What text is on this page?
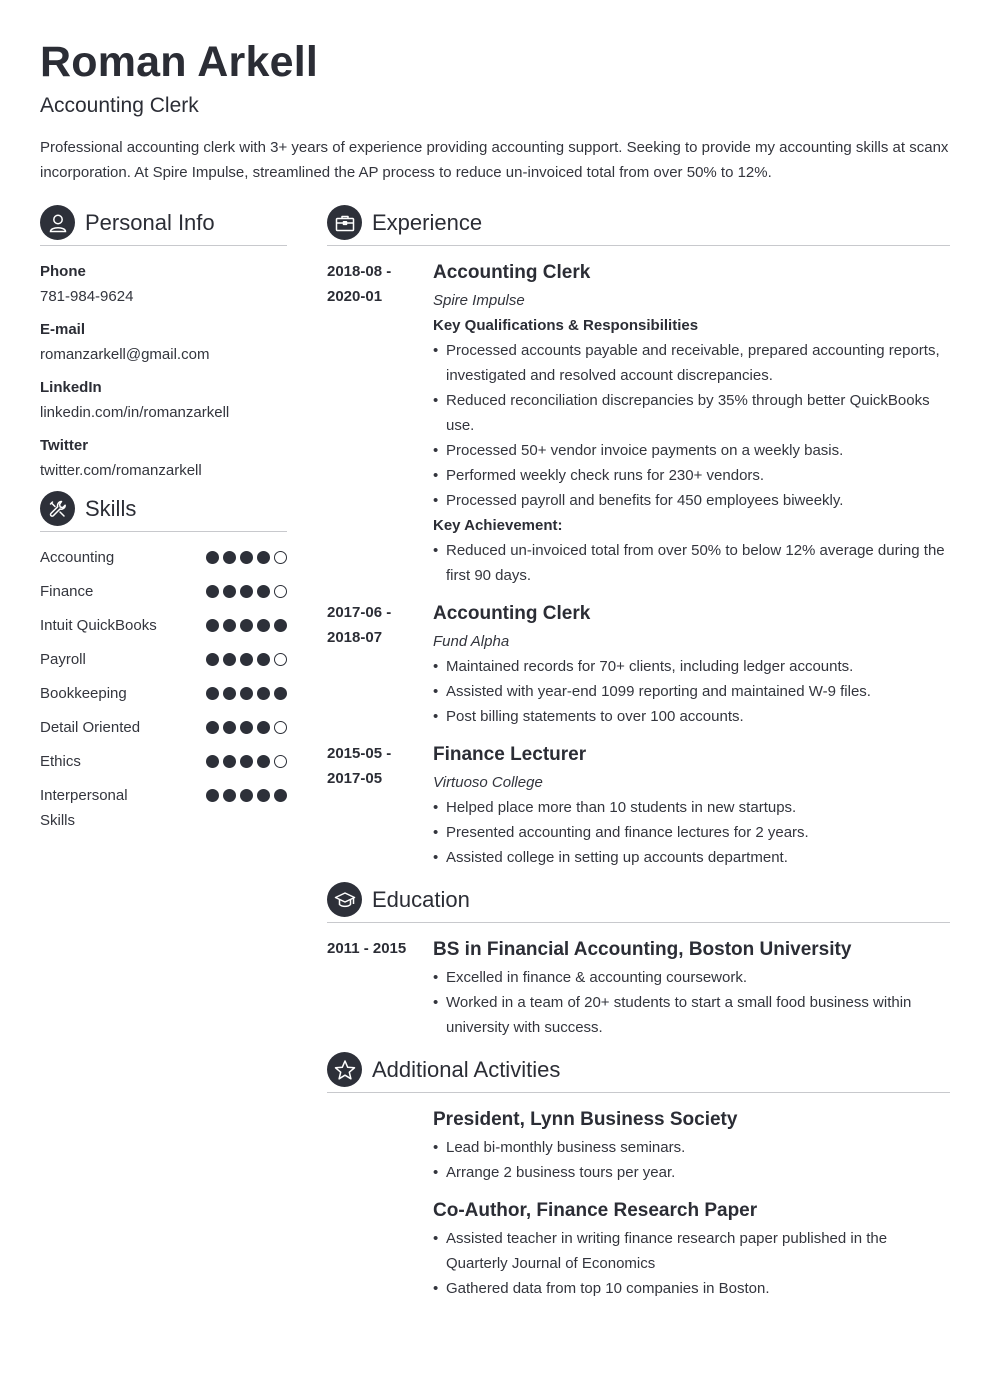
Roman Arkell
Accounting Clerk

Professional accounting clerk with 3+ years of experience providing accounting support. Seeking to provide my accounting skills at scanx incorporation. At Spire Impulse, streamlined the AP process to reduce un-invoiced total from over 50% to 12%.

Personal Info
Phone
781-984-9624
E-mail
romanzarkell@gmail.com
LinkedIn
linkedin.com/in/romanzarkell
Twitter
twitter.com/romanzarkell
Skills
Accounting
Finance
Intuit QuickBooks
Payroll
Bookkeeping
Detail Oriented
Ethics
Interpersonal Skills
Experience
2018-08 - 2020-01
Accounting Clerk
Spire Impulse
Key Qualifications & Responsibilities
• Processed accounts payable and receivable, prepared accounting reports, investigated and resolved account discrepancies.
• Reduced reconciliation discrepancies by 35% through better QuickBooks use.
• Processed 50+ vendor invoice payments on a weekly basis.
• Performed weekly check runs for 230+ vendors.
• Processed payroll and benefits for 450 employees biweekly.
Key Achievement:
• Reduced un-invoiced total from over 50% to below 12% average during the first 90 days.
2017-06 - 2018-07
Accounting Clerk
Fund Alpha
• Maintained records for 70+ clients, including ledger accounts.
• Assisted with year-end 1099 reporting and maintained W-9 files.
• Post billing statements to over 100 accounts.
2015-05 - 2017-05
Finance Lecturer
Virtuoso College
• Helped place more than 10 students in new startups.
• Presented accounting and finance lectures for 2 years.
• Assisted college in setting up accounts department.
Education
2011 - 2015	BS in Financial Accounting, Boston University
• Excelled in finance & accounting coursework.
• Worked in a team of 20+ students to start a small food business within university with success.
Additional Activities
President, Lynn Business Society
• Lead bi-monthly business seminars.
• Arrange 2 business tours per year.
Co-Author, Finance Research Paper
• Assisted teacher in writing finance research paper published in the Quarterly Journal of Economics
• Gathered data from top 10 companies in Boston.
